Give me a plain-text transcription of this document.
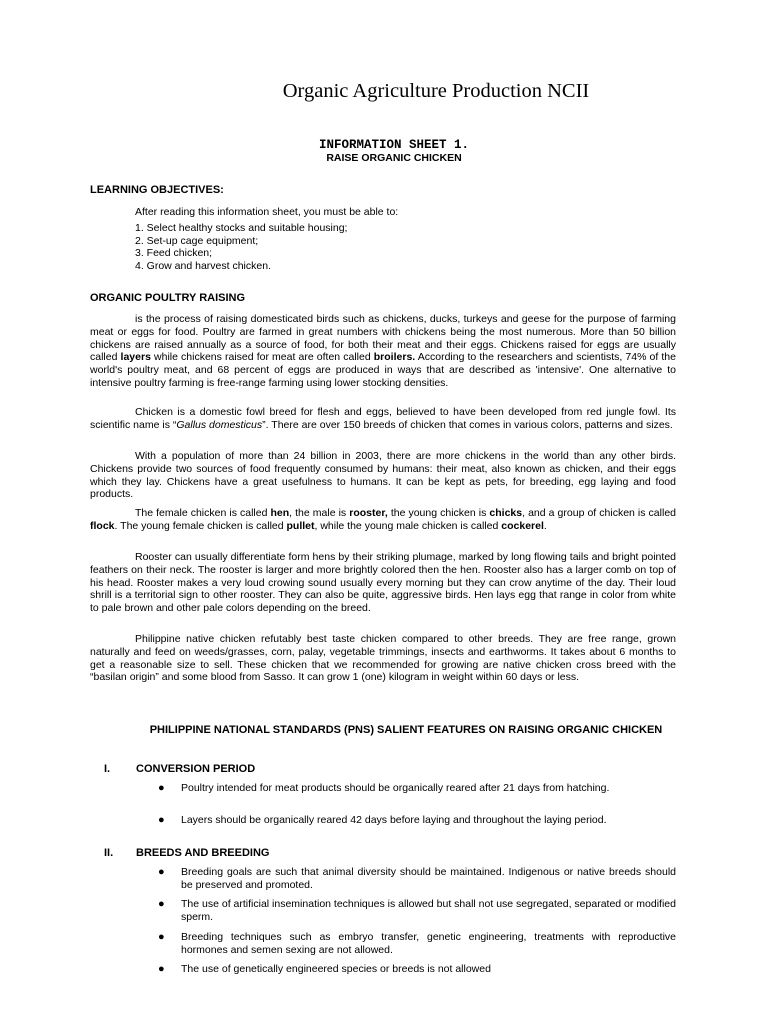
Organic Agriculture Production NCII
INFORMATION SHEET 1.
RAISE ORGANIC CHICKEN
LEARNING OBJECTIVES:
After reading this information sheet, you must be able to:
1. Select healthy stocks and suitable housing;
2. Set-up cage equipment;
3. Feed chicken;
4. Grow and harvest chicken.
ORGANIC POULTRY RAISING
is the process of raising domesticated birds such as chickens, ducks, turkeys and geese for the purpose of farming meat or eggs for food. Poultry are farmed in great numbers with chickens being the most numerous. More than 50 billion chickens are raised annually as a source of food, for both their meat and their eggs. Chickens raised for eggs are usually called layers while chickens raised for meat are often called broilers. According to the researchers and scientists, 74% of the world's poultry meat, and 68 percent of eggs are produced in ways that are described as 'intensive'. One alternative to intensive poultry farming is free-range farming using lower stocking densities.
Chicken is a domestic fowl breed for flesh and eggs, believed to have been developed from red jungle fowl. Its scientific name is “Gallus domesticus”. There are over 150 breeds of chicken that comes in various colors, patterns and sizes.
With a population of more than 24 billion in 2003, there are more chickens in the world than any other birds. Chickens provide two sources of food frequently consumed by humans: their meat, also known as chicken, and their eggs which they lay. Chickens have a great usefulness to humans. It can be kept as pets, for breeding, egg laying and food products.
The female chicken is called hen, the male is rooster, the young chicken is chicks, and a group of chicken is called flock. The young female chicken is called pullet, while the young male chicken is called cockerel.
Rooster can usually differentiate form hens by their striking plumage, marked by long flowing tails and bright pointed feathers on their neck. The rooster is larger and more brightly colored then the hen. Rooster also has a larger comb on top of his head. Rooster makes a very loud crowing sound usually every morning but they can crow anytime of the day. Their loud shrill is a territorial sign to other rooster. They can also be quite, aggressive birds. Hen lays egg that range in color from white to pale brown and other pale colors depending on the breed.
Philippine native chicken refutably best taste chicken compared to other breeds. They are free range, grown naturally and feed on weeds/grasses, corn, palay, vegetable trimmings, insects and earthworms. It takes about 6 months to get a reasonable size to sell. These chicken that we recommended for growing are native chicken cross breed with the “basilan origin” and some blood from Sasso. It can grow 1 (one) kilogram in weight within 60 days or less.
PHILIPPINE NATIONAL STANDARDS (PNS) SALIENT FEATURES ON RAISING ORGANIC CHICKEN
I. CONVERSION PERIOD
● Poultry intended for meat products should be organically reared after 21 days from hatching.
● Layers should be organically reared 42 days before laying and throughout the laying period.
II. BREEDS AND BREEDING
● Breeding goals are such that animal diversity should be maintained. Indigenous or native breeds should be preserved and promoted.
● The use of artificial insemination techniques is allowed but shall not use segregated, separated or modified sperm.
● Breeding techniques such as embryo transfer, genetic engineering, treatments with reproductive hormones and semen sexing are not allowed.
● The use of genetically engineered species or breeds is not allowed
